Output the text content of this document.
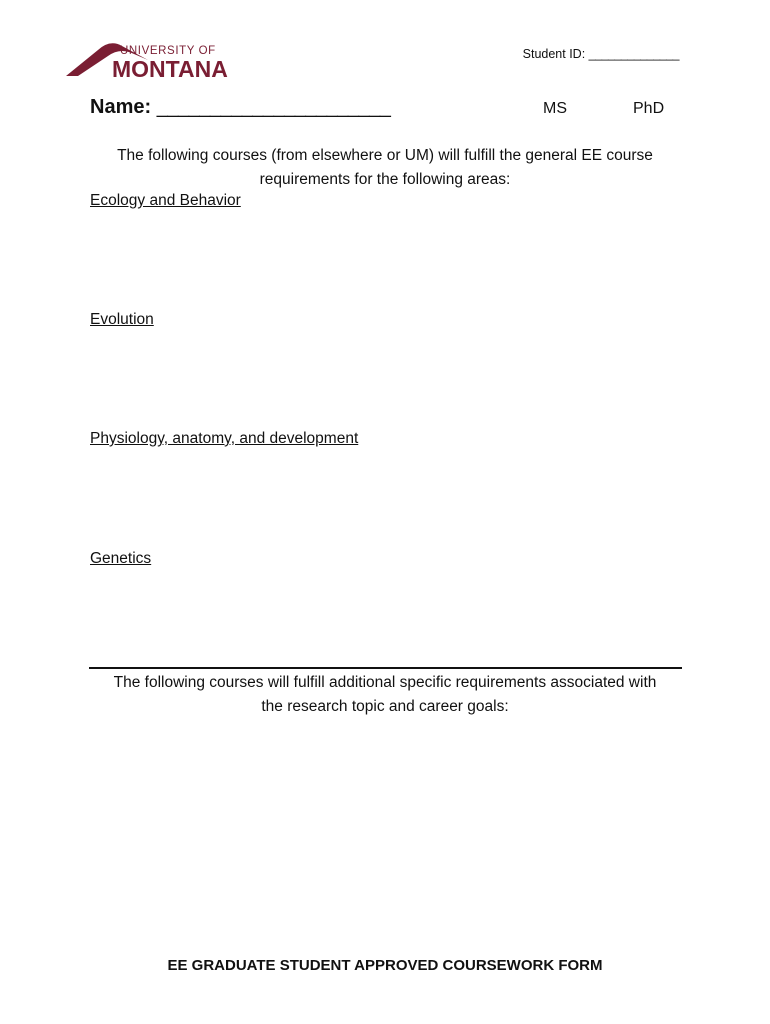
UNIVERSITY OF
MONTANA
Student ID: ______________
Name: ______________________	MS	PhD
The following courses (from elsewhere or UM) will fulfill the general EE course
requirements for the following areas:
Ecology and Behavior
Evolution
Physiology, anatomy, and development
Genetics
The following courses will fulfill additional specific requirements associated with
the research topic and career goals:
EE GRADUATE STUDENT APPROVED COURSEWORK FORM
